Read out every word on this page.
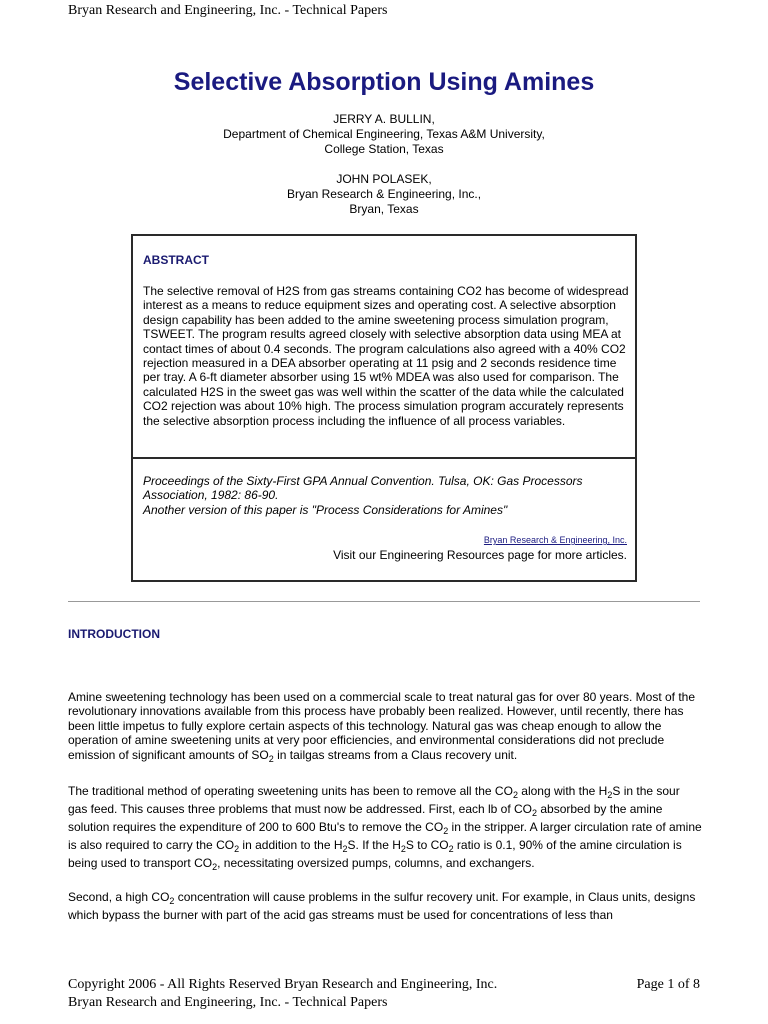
Bryan Research and Engineering, Inc. - Technical Papers
Selective Absorption Using Amines
JERRY A. BULLIN,
Department of Chemical Engineering, Texas A&M University,
College Station, Texas
JOHN POLASEK,
Bryan Research & Engineering, Inc.,
Bryan, Texas
ABSTRACT
The selective removal of H2S from gas streams containing CO2 has become of widespread interest as a means to reduce equipment sizes and operating cost. A selective absorption design capability has been added to the amine sweetening process simulation program, TSWEET. The program results agreed closely with selective absorption data using MEA at contact times of about 0.4 seconds. The program calculations also agreed with a 40% CO2 rejection measured in a DEA absorber operating at 11 psig and 2 seconds residence time per tray. A 6-ft diameter absorber using 15 wt% MDEA was also used for comparison. The calculated H2S in the sweet gas was well within the scatter of the data while the calculated CO2 rejection was about 10% high. The process simulation program accurately represents the selective absorption process including the influence of all process variables.
Proceedings of the Sixty-First GPA Annual Convention. Tulsa, OK: Gas Processors Association, 1982: 86-90.
Another version of this paper is "Process Considerations for Amines"
Bryan Research & Engineering, Inc.
Visit our Engineering Resources page for more articles.
INTRODUCTION
Amine sweetening technology has been used on a commercial scale to treat natural gas for over 80 years. Most of the revolutionary innovations available from this process have probably been realized. However, until recently, there has been little impetus to fully explore certain aspects of this technology. Natural gas was cheap enough to allow the operation of amine sweetening units at very poor efficiencies, and environmental considerations did not preclude emission of significant amounts of $SO_2$ in tailgas streams from a Claus recovery unit.
The traditional method of operating sweetening units has been to remove all the $CO_2$ along with the $H_2S$ in the sour gas feed. This causes three problems that must now be addressed. First, each lb of $CO_2$ absorbed by the amine solution requires the expenditure of 200 to 600 Btu's to remove the $CO_2$ in the stripper. A larger circulation rate of amine is also required to carry the $CO_2$ in addition to the $H_2S$. If the $H_2S$ to $CO_2$ ratio is 0.1, 90% of the amine circulation is being used to transport $CO_2$, necessitating oversized pumps, columns, and exchangers.
Second, a high $CO_2$ concentration will cause problems in the sulfur recovery unit. For example, in Claus units, designs which bypass the burner with part of the acid gas streams must be used for concentrations of less than
Copyright 2006 - All Rights Reserved Bryan Research and Engineering, Inc.	Page 1 of 8
Bryan Research and Engineering, Inc. - Technical Papers
